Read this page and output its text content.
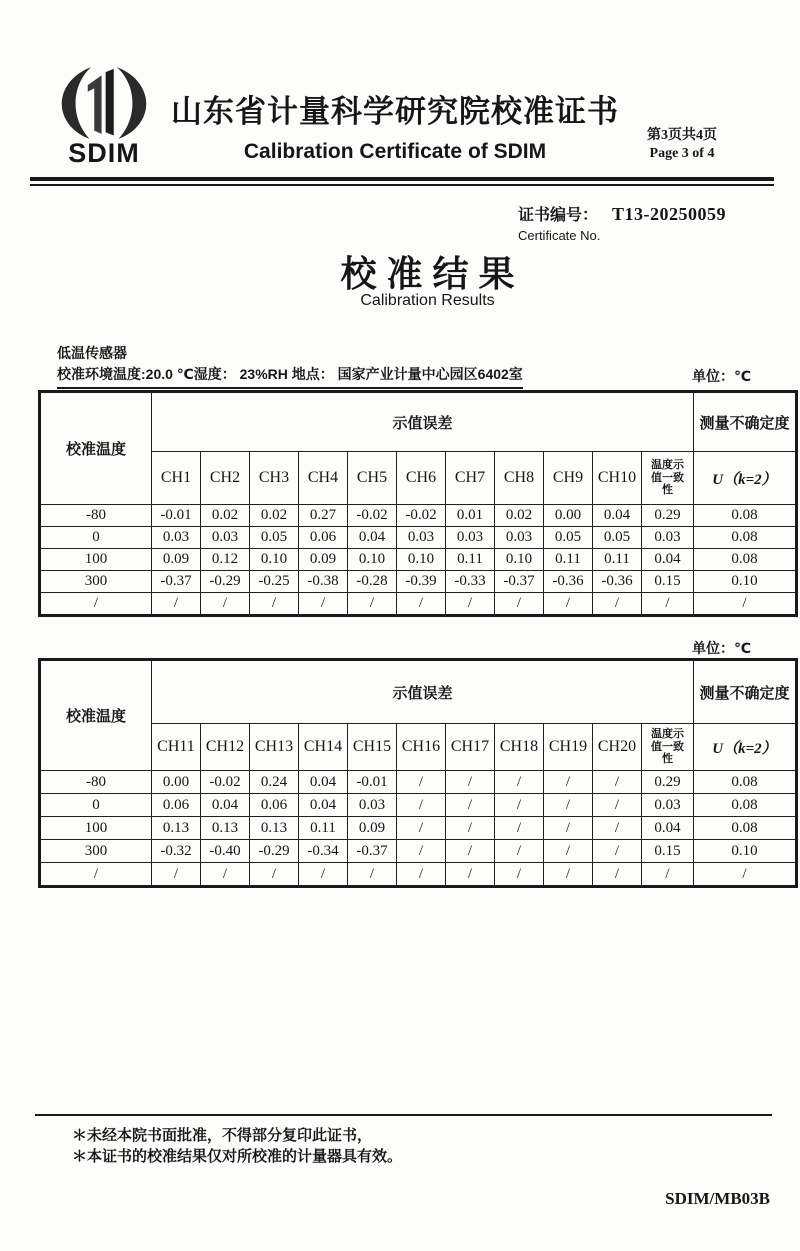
SDIM
山东省计量科学研究院校准证书
Calibration Certificate of SDIM
第3页共4页
Page 3 of 4
证书编号： T13-20250059
Certificate No.
校 准 结 果
Calibration Results
低温传感器
校准环境温度:20.0 ℃湿度： 23%RH 地点： 国家产业计量中心园区6402室	单位：℃
单位：℃
校准温度	示值误差											测量不确定度
	CH1	CH2	CH3	CH4	CH5	CH6	CH7	CH8	CH9	CH10	温度示值一致性	U（k=2）
-80	-0.01	0.02	0.02	0.27	-0.02	-0.02	0.01	0.02	0.00	0.04	0.29	0.08
0	0.03	0.03	0.05	0.06	0.04	0.03	0.03	0.03	0.05	0.05	0.03	0.08
100	0.09	0.12	0.10	0.09	0.10	0.10	0.11	0.10	0.11	0.11	0.04	0.08
300	-0.37	-0.29	-0.25	-0.38	-0.28	-0.39	-0.33	-0.37	-0.36	-0.36	0.15	0.10
/	/	/	/	/	/	/	/	/	/	/	/	/
校准温度	示值误差											测量不确定度
	CH11	CH12	CH13	CH14	CH15	CH16	CH17	CH18	CH19	CH20	温度示值一致性	U（k=2）
-80	0.00	-0.02	0.24	0.04	-0.01	/	/	/	/	/	0.29	0.08
0	0.06	0.04	0.06	0.04	0.03	/	/	/	/	/	0.03	0.08
100	0.13	0.13	0.13	0.11	0.09	/	/	/	/	/	0.04	0.08
300	-0.32	-0.40	-0.29	-0.34	-0.37	/	/	/	/	/	0.15	0.10
/	/	/	/	/	/	/	/	/	/	/	/	/
＊未经本院书面批准，不得部分复印此证书，
＊本证书的校准结果仅对所校准的计量器具有效。
SDIM/MB03B
